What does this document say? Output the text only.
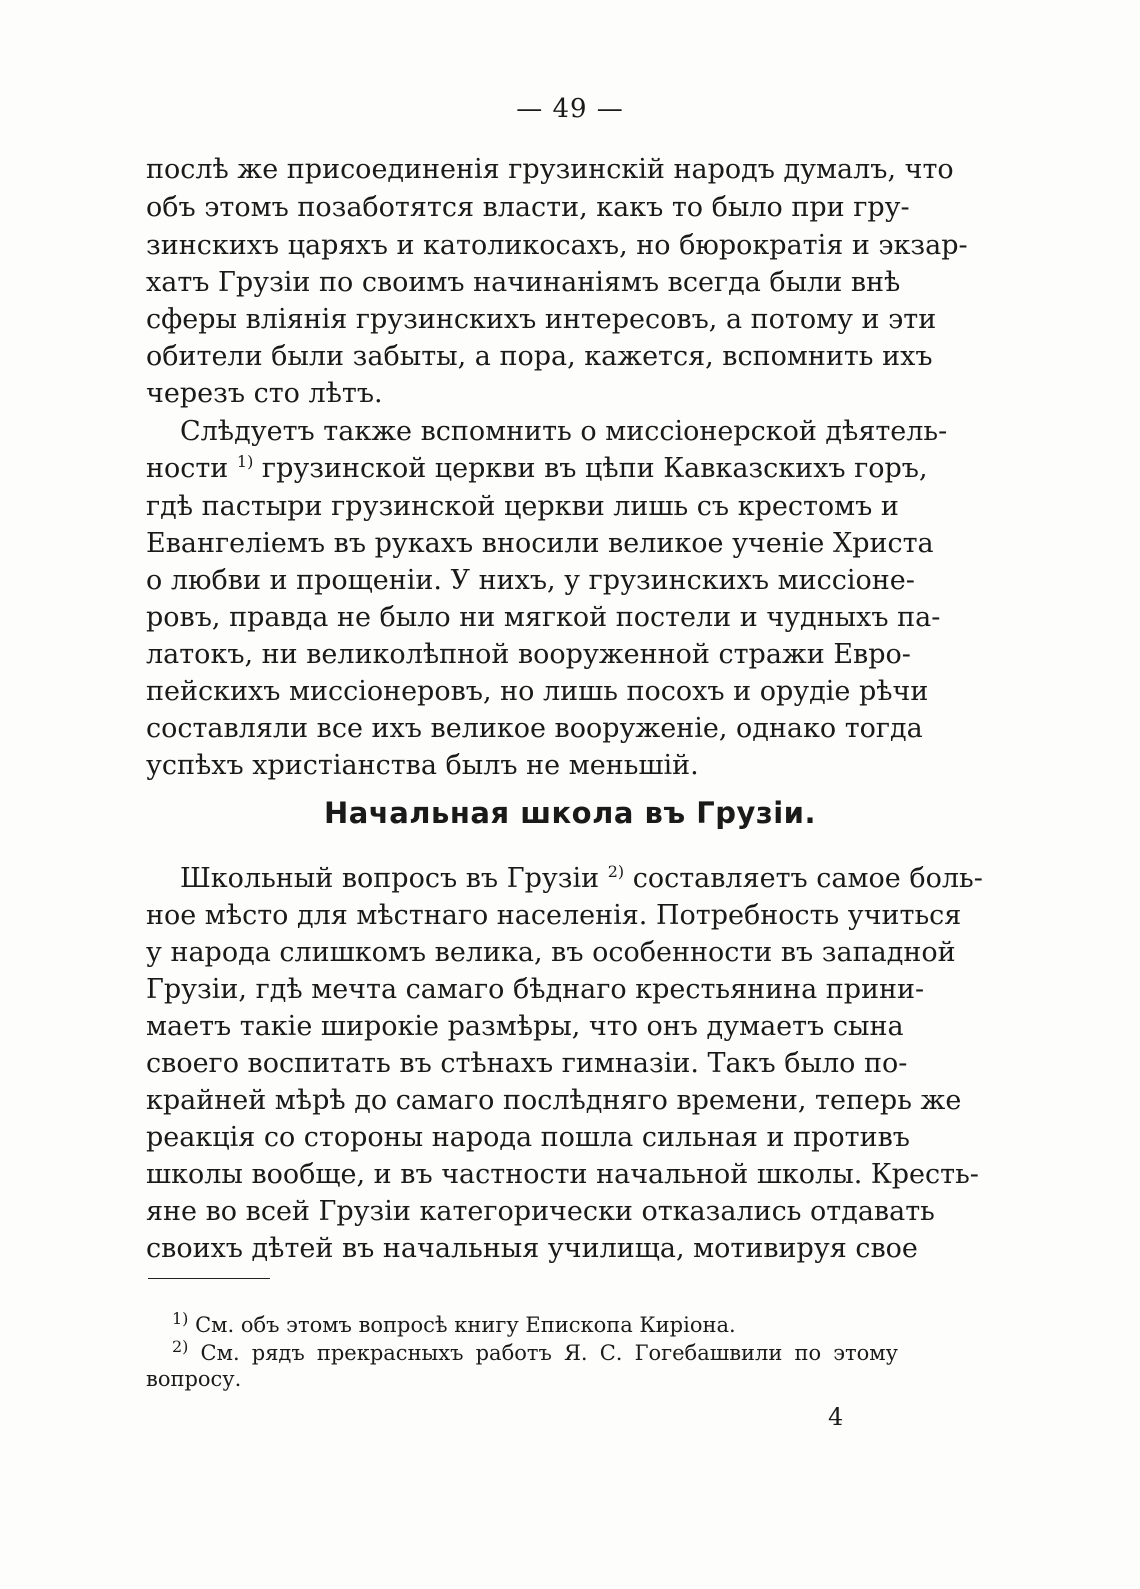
— 49 —
послѣ же присоединенія грузинскій народъ думалъ, что
объ этомъ позаботятся власти, какъ то было при гру-
зинскихъ царяхъ и католикосахъ, но бюрократія и экзар-
хатъ Грузіи по своимъ начинаніямъ всегда были внѣ
сферы вліянія грузинскихъ интересовъ, а потому и эти
обители были забыты, а пора, кажется, вспомнить ихъ
черезъ сто лѣтъ.
Слѣдуетъ также вспомнить о миссіонерской дѣятель-
ности $^{1)}$ грузинской церкви въ цѣпи Кавказскихъ горъ,
гдѣ пастыри грузинской церкви лишь съ крестомъ и
Евангеліемъ въ рукахъ вносили великое ученіе Христа
о любви и прощеніи. У нихъ, у грузинскихъ миссіоне-
ровъ, правда не было ни мягкой постели и чудныхъ па-
латокъ, ни великолѣпной вооруженной стражи Евро-
пейскихъ миссіонеровъ, но лишь посохъ и орудіе рѣчи
составляли все ихъ великое вооруженіе, однако тогда
успѣхъ христіанства былъ не меньшій.
Начальная школа въ Грузіи.
Школьный вопросъ въ Грузіи $^{2)}$ составляетъ самое боль-
ное мѣсто для мѣстнаго населенія. Потребность учиться
у народа слишкомъ велика, въ особенности въ западной
Грузіи, гдѣ мечта самаго бѣднаго крестьянина прини-
маетъ такіе широкіе размѣры, что онъ думаетъ сына
своего воспитать въ стѣнахъ гимназіи. Такъ было по-
крайней мѣрѣ до самаго послѣдняго времени, теперь же
реакція со стороны народа пошла сильная и противъ
школы вообще, и въ частности начальной школы. Кресть-
яне во всей Грузіи категорически отказались отдавать
своихъ дѣтей въ начальныя училища, мотивируя свое
$^{1)}$ См. объ этомъ вопросѣ книгу Епископа Киріона.
$^{2)}$ См. рядъ прекрасныхъ работъ Я. С. Гогебашвили по этому
вопросу.
4
